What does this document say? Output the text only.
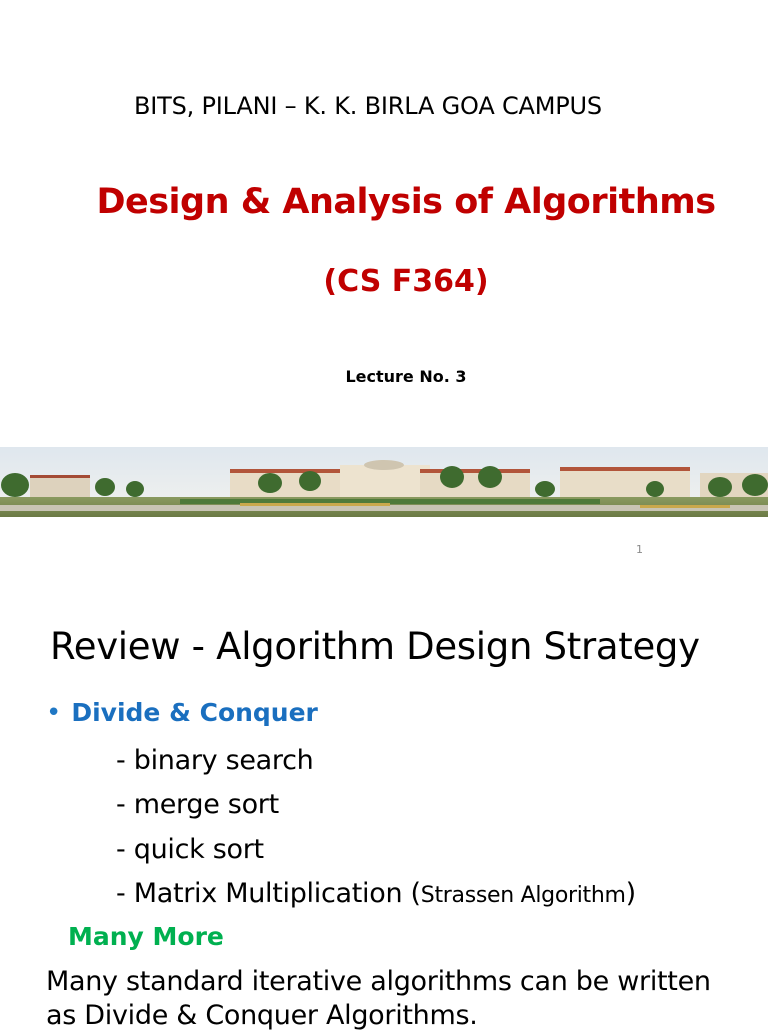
BITS, PILANI – K. K. BIRLA GOA CAMPUS
Design & Analysis of Algorithms
(CS F364)
Lecture No. 3
1
Review - Algorithm Design Strategy
• Divide & Conquer
- binary search
- merge sort
- quick sort
- Matrix Multiplication (Strassen Algorithm)
Many More
Many standard iterative algorithms can be written as Divide & Conquer Algorithms.
